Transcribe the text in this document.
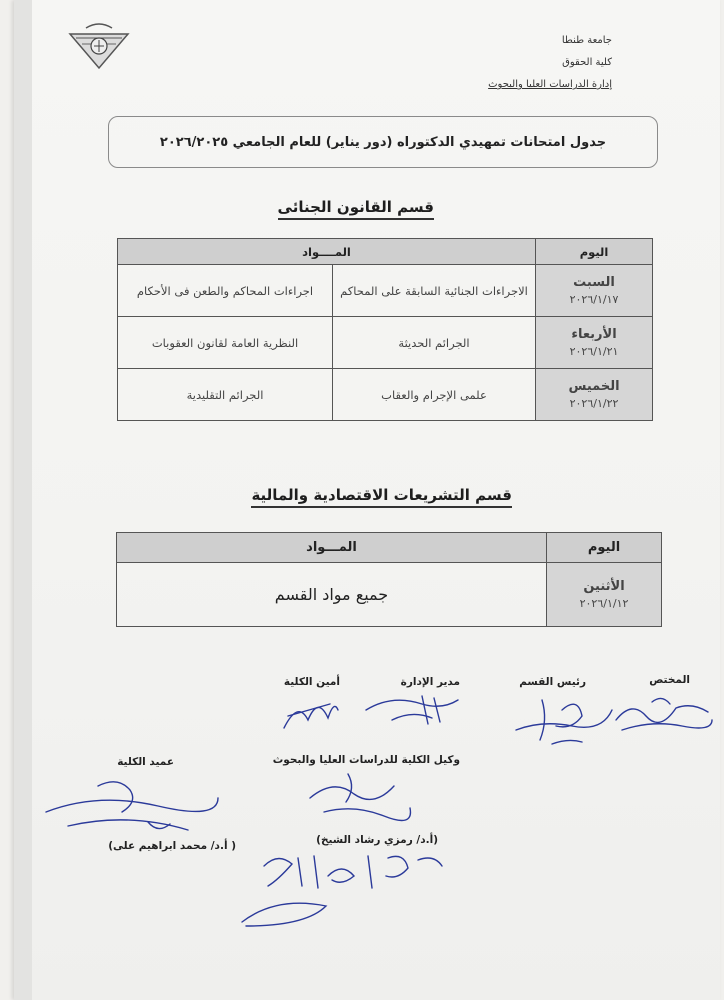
جامعة طنطا
كلية الحقوق
إدارة الدراسات العليا والبحوث
جدول امتحانات تمهيدي الدكتوراه (دور يناير) للعام الجامعي ٢٠٢٦/٢٠٢٥
قسم القانون الجنائى
اليوم	المــــواد	

السبت
٢٠٢٦/١/١٧	الاجراءات الجنائية السابقة على المحاكم	اجراءات المحاكم والطعن فى الأحكام

الأربعاء
٢٠٢٦/١/٢١	الجرائم الحديثة	النظرية العامة لقانون العقوبات

الخميس
٢٠٢٦/١/٢٢	علمى الإجرام والعقاب	الجرائم التقليدية
قسم التشريعات الاقتصادية والمالية
اليوم	المـــواد

الأثنين
٢٠٢٦/١/١٢	جميع مواد القسم
المختص
رئيس القسم
مدير الإدارة
أمين الكلية
وكيل الكلية للدراسات العليا والبحوث
عميد الكلية
(أ.د/ رمزي رشاد الشيخ)
( أ.د/ محمد ابراهيم على)
